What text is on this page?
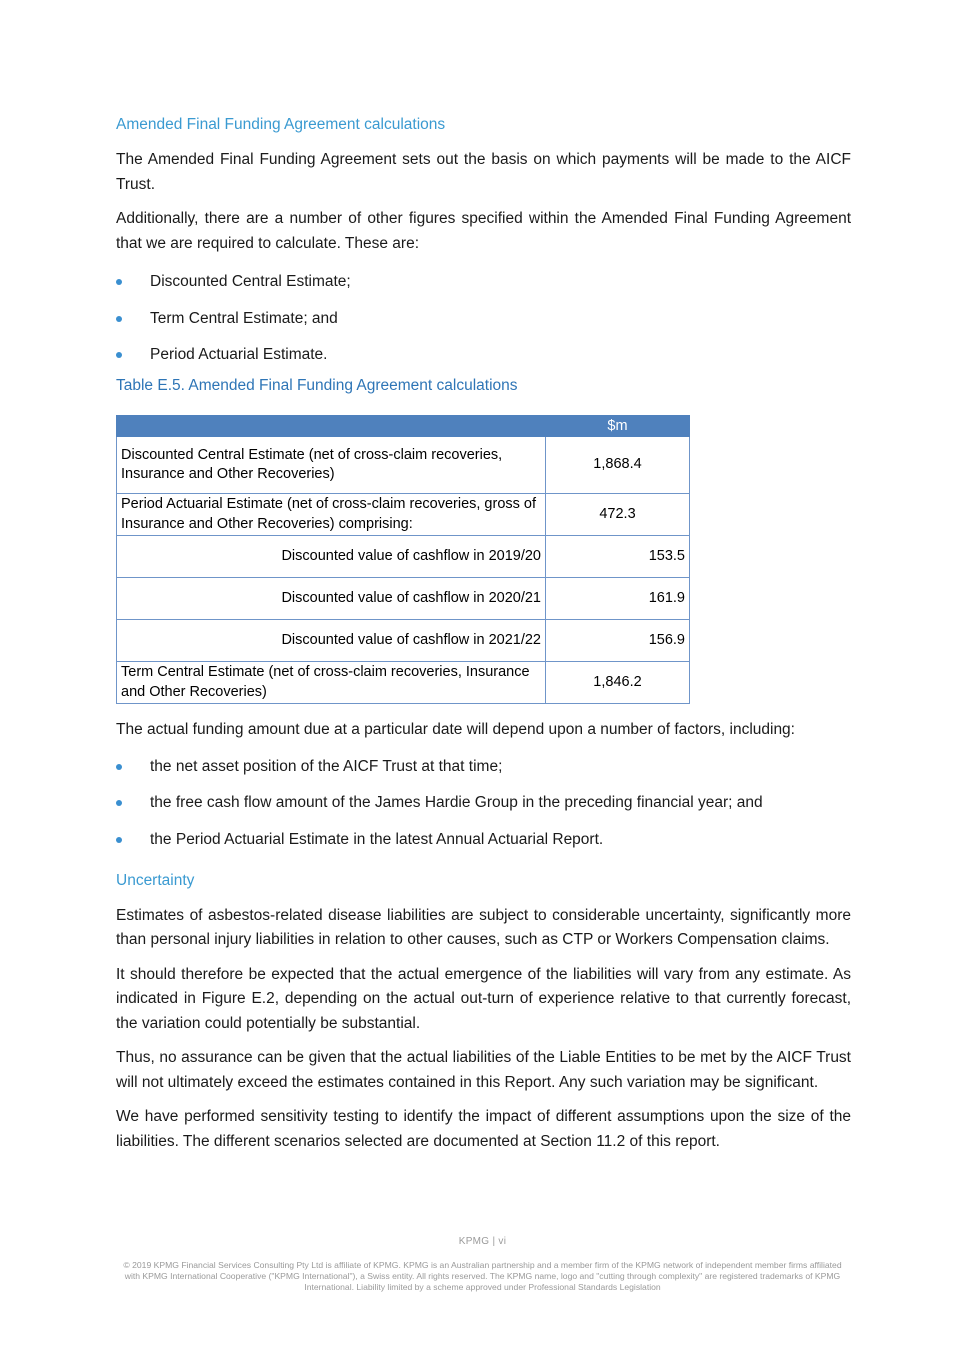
Amended Final Funding Agreement calculations

The Amended Final Funding Agreement sets out the basis on which payments will be made to the AICF Trust.

Additionally, there are a number of other figures specified within the Amended Final Funding Agreement that we are required to calculate. These are:

Discounted Central Estimate;
Term Central Estimate; and
Period Actuarial Estimate.
Table E.5. Amended Final Funding Agreement calculations
	$m
Discounted Central Estimate (net of cross-claim recoveries, Insurance and Other Recoveries)	1,868.4
Period Actuarial Estimate (net of cross-claim recoveries, gross of Insurance and Other Recoveries) comprising:	472.3
Discounted value of cashflow in 2019/20	153.5
Discounted value of cashflow in 2020/21	161.9
Discounted value of cashflow in 2021/22	156.9
Term Central Estimate (net of cross-claim recoveries, Insurance and Other Recoveries)	1,846.2

The actual funding amount due at a particular date will depend upon a number of factors, including:

the net asset position of the AICF Trust at that time;
the free cash flow amount of the James Hardie Group in the preceding financial year; and
the Period Actuarial Estimate in the latest Annual Actuarial Report.
Uncertainty

Estimates of asbestos-related disease liabilities are subject to considerable uncertainty, significantly more than personal injury liabilities in relation to other causes, such as CTP or Workers Compensation claims.

It should therefore be expected that the actual emergence of the liabilities will vary from any estimate. As indicated in Figure E.2, depending on the actual out-turn of experience relative to that currently forecast, the variation could potentially be substantial.

Thus, no assurance can be given that the actual liabilities of the Liable Entities to be met by the AICF Trust will not ultimately exceed the estimates contained in this Report. Any such variation may be significant.

We have performed sensitivity testing to identify the impact of different assumptions upon the size of the liabilities. The different scenarios selected are documented at Section 11.2 of this report.

KPMG | vi
© 2019 KPMG Financial Services Consulting Pty Ltd is affiliate of KPMG. KPMG is an Australian partnership and a member firm of the KPMG network of independent member firms affiliated with KPMG International Cooperative ("KPMG International"), a Swiss entity. All rights reserved. The KPMG name, logo and "cutting through complexity" are registered trademarks of KPMG International. Liability limited by a scheme approved under Professional Standards Legislation
